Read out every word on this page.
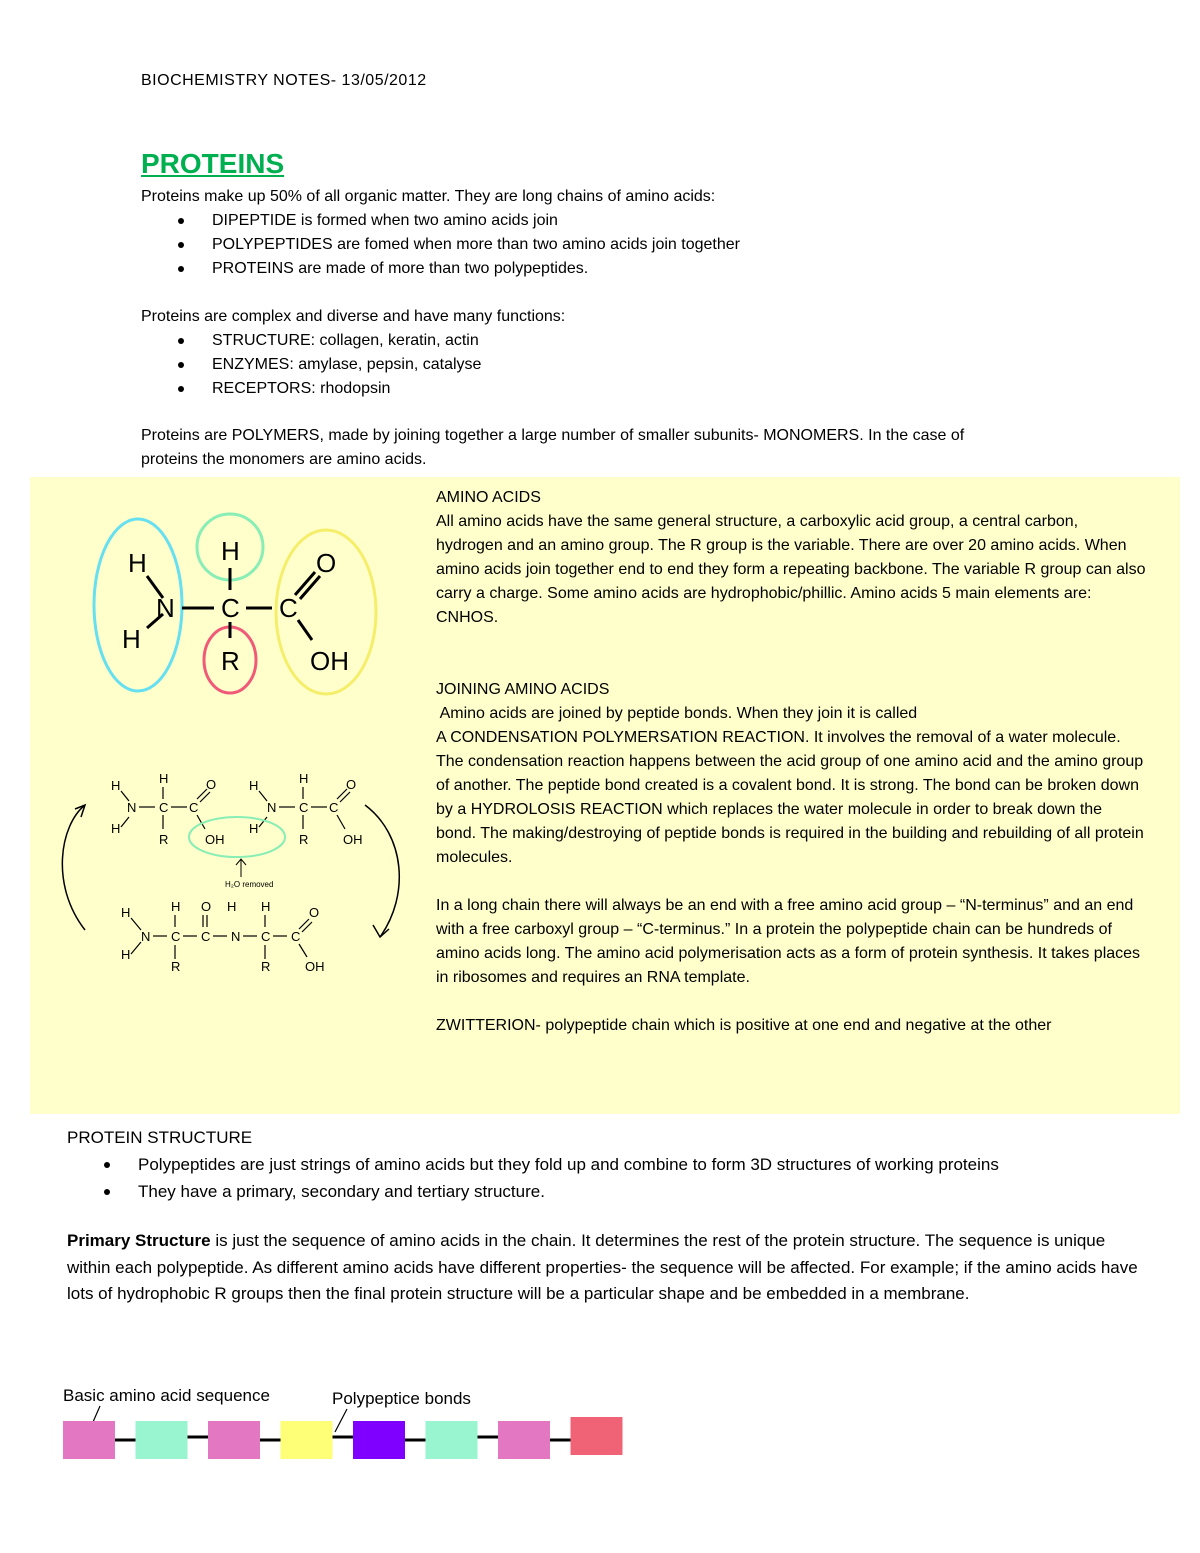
BIOCHEMISTRY NOTES- 13/05/2012
PROTEINS
Proteins make up 50% of all organic matter. They are long chains of amino acids:
DIPEPTIDE is formed when two amino acids join
POLYPEPTIDES are fomed when more than two amino acids join together
PROTEINS are made of more than two polypeptides.
Proteins are complex and diverse and have many functions:
STRUCTURE: collagen, keratin, actin
ENZYMES: amylase, pepsin, catalyse
RECEPTORS: rhodopsin
Proteins are POLYMERS, made by joining together a large number of smaller subunits- MONOMERS. In the case of
proteins the monomers are amino acids.
H
H
N
H
C C
R
O
OH
H
H
N
H
C
R
C
O
OH
H
H
N
H
C
R
C
O
OH
H₂O removed
H
H
N
H
C
R
O
C
H
N
H
C
R
C
O
OH

AMINO ACIDS

All amino acids have the same general structure, a carboxylic acid group, a central carbon, hydrogen and an amino group. The R group is the variable. There are over 20 amino acids. When amino acids join together end to end they form a repeating backbone. The variable R group can also carry a charge. Some amino acids are hydrophobic/phillic. Amino acids 5 main elements are: CNHOS.

JOINING AMINO ACIDS

Amino acids are joined by peptide bonds. When they join it is called

A CONDENSATION POLYMERSATION REACTION. It involves the removal of a water molecule. The condensation reaction happens between the acid group of one amino acid and the amino group of another. The peptide bond created is a covalent bond. It is strong. The bond can be broken down by a HYDROLOSIS REACTION which replaces the water molecule in order to break down the bond. The making/destroying of peptide bonds is required in the building and rebuilding of all protein molecules.

In a long chain there will always be an end with a free amino acid group – “N-terminus” and an end with a free carboxyl group – “C-terminus.” In a protein the polypeptide chain can be hundreds of amino acids long. The amino acid polymerisation acts as a form of protein synthesis. It takes places in ribosomes and requires an RNA template.

ZWITTERION- polypeptide chain which is positive at one end and negative at the other

PROTEIN STRUCTURE
Polypeptides are just strings of amino acids but they fold up and combine to form 3D structures of working proteins
They have a primary, secondary and tertiary structure.
Primary Structure is just the sequence of amino acids in the chain. It determines the rest of the protein structure. The sequence is unique within each polypeptide. As different amino acids have different properties- the sequence will be affected. For example; if the amino acids have lots of hydrophobic R groups then the final protein structure will be a particular shape and be embedded in a membrane.
Basic amino acid sequence	Polypeptice bonds
